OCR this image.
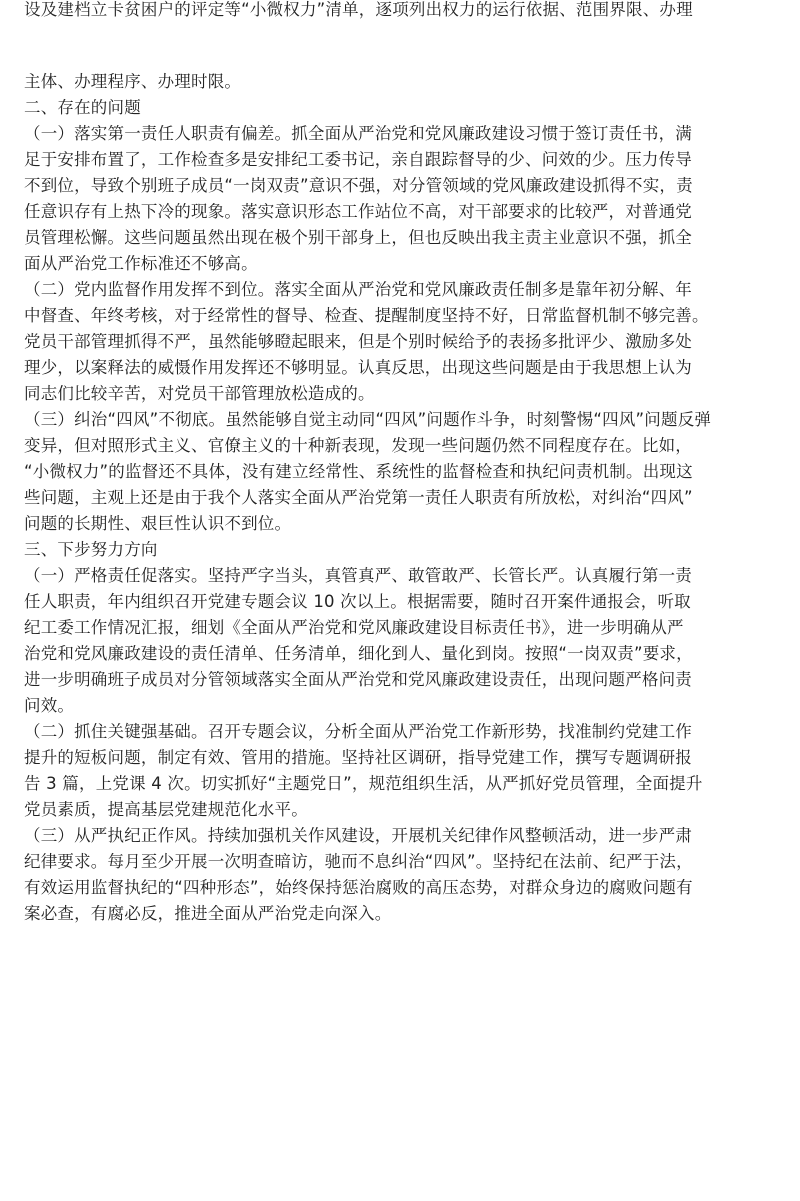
设及建档立卡贫困户的评定等“小微权力”清单，逐项列出权力的运行依据、范围界限、办理
主体、办理程序、办理时限。
二、存在的问题
（一）落实第一责任人职责有偏差。抓全面从严治党和党风廉政建设习惯于签订责任书，满
足于安排布置了，工作检查多是安排纪工委书记，亲自跟踪督导的少、问效的少。压力传导
不到位，导致个别班子成员“一岗双责”意识不强，对分管领域的党风廉政建设抓得不实，责
任意识存有上热下冷的现象。落实意识形态工作站位不高，对干部要求的比较严，对普通党
员管理松懈。这些问题虽然出现在极个别干部身上，但也反映出我主责主业意识不强，抓全
面从严治党工作标准还不够高。
（二）党内监督作用发挥不到位。落实全面从严治党和党风廉政责任制多是靠年初分解、年
中督查、年终考核，对于经常性的督导、检查、提醒制度坚持不好，日常监督机制不够完善。
党员干部管理抓得不严，虽然能够瞪起眼来，但是个别时候给予的表扬多批评少、激励多处
理少，以案释法的威慑作用发挥还不够明显。认真反思，出现这些问题是由于我思想上认为
同志们比较辛苦，对党员干部管理放松造成的。
（三）纠治“四风”不彻底。虽然能够自觉主动同“四风”问题作斗争，时刻警惕“四风”问题反弹
变异，但对照形式主义、官僚主义的十种新表现，发现一些问题仍然不同程度存在。比如，
“小微权力”的监督还不具体，没有建立经常性、系统性的监督检查和执纪问责机制。出现这
些问题，主观上还是由于我个人落实全面从严治党第一责任人职责有所放松，对纠治“四风”
问题的长期性、艰巨性认识不到位。
三、下步努力方向
（一）严格责任促落实。坚持严字当头，真管真严、敢管敢严、长管长严。认真履行第一责
任人职责，年内组织召开党建专题会议 10 次以上。根据需要，随时召开案件通报会，听取
纪工委工作情况汇报，细划《全面从严治党和党风廉政建设目标责任书》，进一步明确从严
治党和党风廉政建设的责任清单、任务清单，细化到人、量化到岗。按照“一岗双责”要求，
进一步明确班子成员对分管领域落实全面从严治党和党风廉政建设责任，出现问题严格问责
问效。
（二）抓住关键强基础。召开专题会议，分析全面从严治党工作新形势，找准制约党建工作
提升的短板问题，制定有效、管用的措施。坚持社区调研，指导党建工作，撰写专题调研报
告 3 篇，上党课 4 次。切实抓好“主题党日”，规范组织生活，从严抓好党员管理，全面提升
党员素质，提高基层党建规范化水平。
（三）从严执纪正作风。持续加强机关作风建设，开展机关纪律作风整顿活动，进一步严肃
纪律要求。每月至少开展一次明查暗访，驰而不息纠治“四风”。坚持纪在法前、纪严于法，
有效运用监督执纪的“四种形态”，始终保持惩治腐败的高压态势，对群众身边的腐败问题有
案必查，有腐必反，推进全面从严治党走向深入。
